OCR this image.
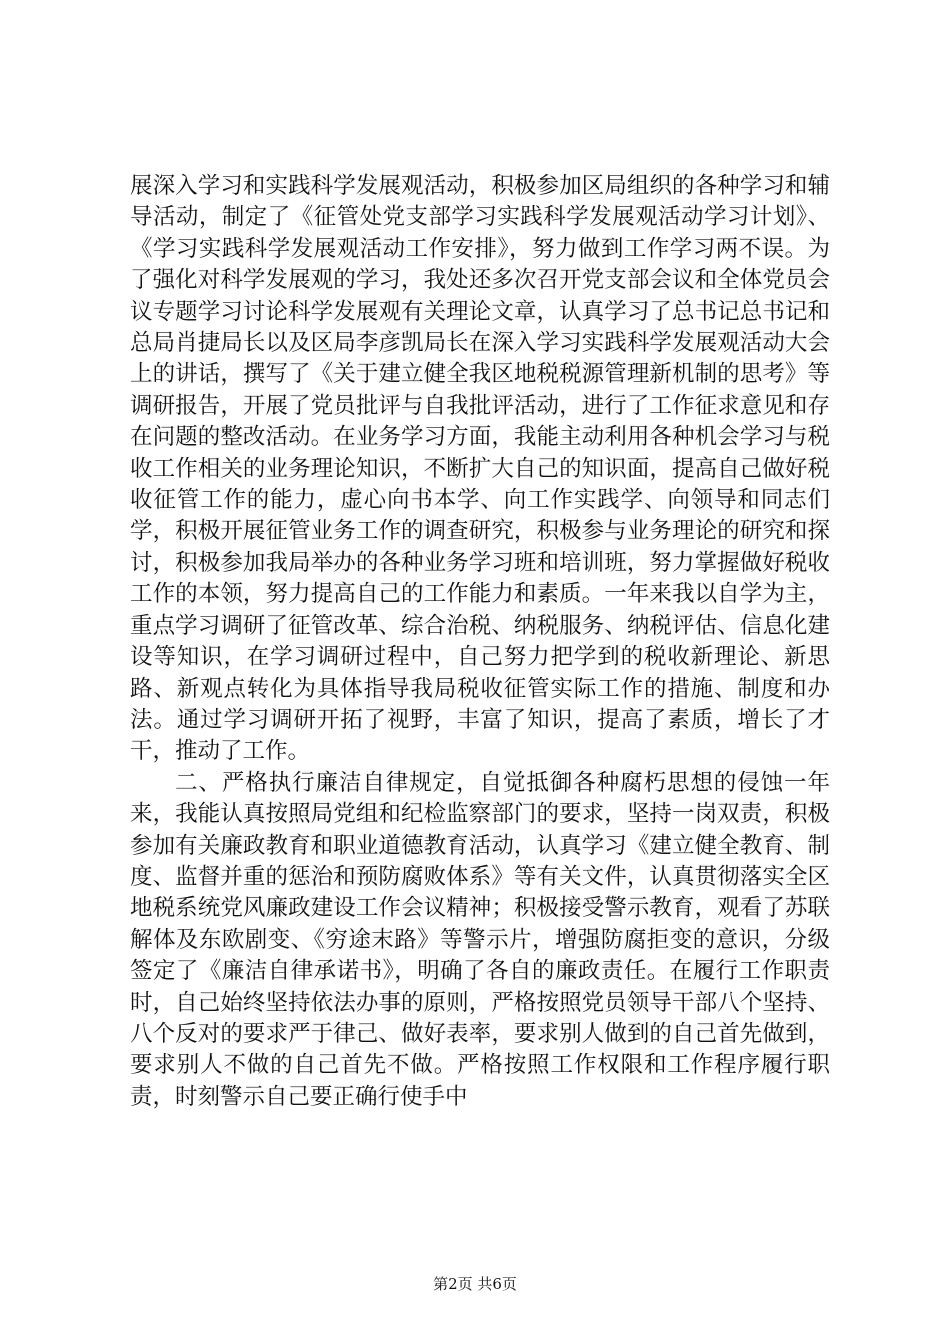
展深入学习和实践科学发展观活动，积极参加区局组织的各种学习和辅导活动，制定了《征管处党支部学习实践科学发展观活动学习计划》、《学习实践科学发展观活动工作安排》，努力做到工作学习两不误。为了强化对科学发展观的学习，我处还多次召开党支部会议和全体党员会议专题学习讨论科学发展观有关理论文章，认真学习了总书记总书记和总局肖捷局长以及区局李彦凯局长在深入学习实践科学发展观活动大会上的讲话，撰写了《关于建立健全我区地税税源管理新机制的思考》等调研报告，开展了党员批评与自我批评活动，进行了工作征求意见和存在问题的整改活动。在业务学习方面，我能主动利用各种机会学习与税收工作相关的业务理论知识，不断扩大自己的知识面，提高自己做好税收征管工作的能力，虚心向书本学、向工作实践学、向领导和同志们学，积极开展征管业务工作的调查研究，积极参与业务理论的研究和探讨，积极参加我局举办的各种业务学习班和培训班，努力掌握做好税收工作的本领，努力提高自己的工作能力和素质。一年来我以自学为主，重点学习调研了征管改革、综合治税、纳税服务、纳税评估、信息化建设等知识，在学习调研过程中，自己努力把学到的税收新理论、新思路、新观点转化为具体指导我局税收征管实际工作的措施、制度和办法。通过学习调研开拓了视野，丰富了知识，提高了素质，增长了才干，推动了工作。

二、严格执行廉洁自律规定，自觉抵御各种腐朽思想的侵蚀一年来，我能认真按照局党组和纪检监察部门的要求，坚持一岗双责，积极参加有关廉政教育和职业道德教育活动，认真学习《建立健全教育、制度、监督并重的惩治和预防腐败体系》等有关文件，认真贯彻落实全区地税系统党风廉政建设工作会议精神；积极接受警示教育，观看了苏联解体及东欧剧变、《穷途末路》等警示片，增强防腐拒变的意识，分级签定了《廉洁自律承诺书》，明确了各自的廉政责任。在履行工作职责时，自己始终坚持依法办事的原则，严格按照党员领导干部八个坚持、八个反对的要求严于律己、做好表率，要求别人做到的自己首先做到，要求别人不做的自己首先不做。严格按照工作权限和工作程序履行职责，时刻警示自己要正确行使手中

第2页 共6页
